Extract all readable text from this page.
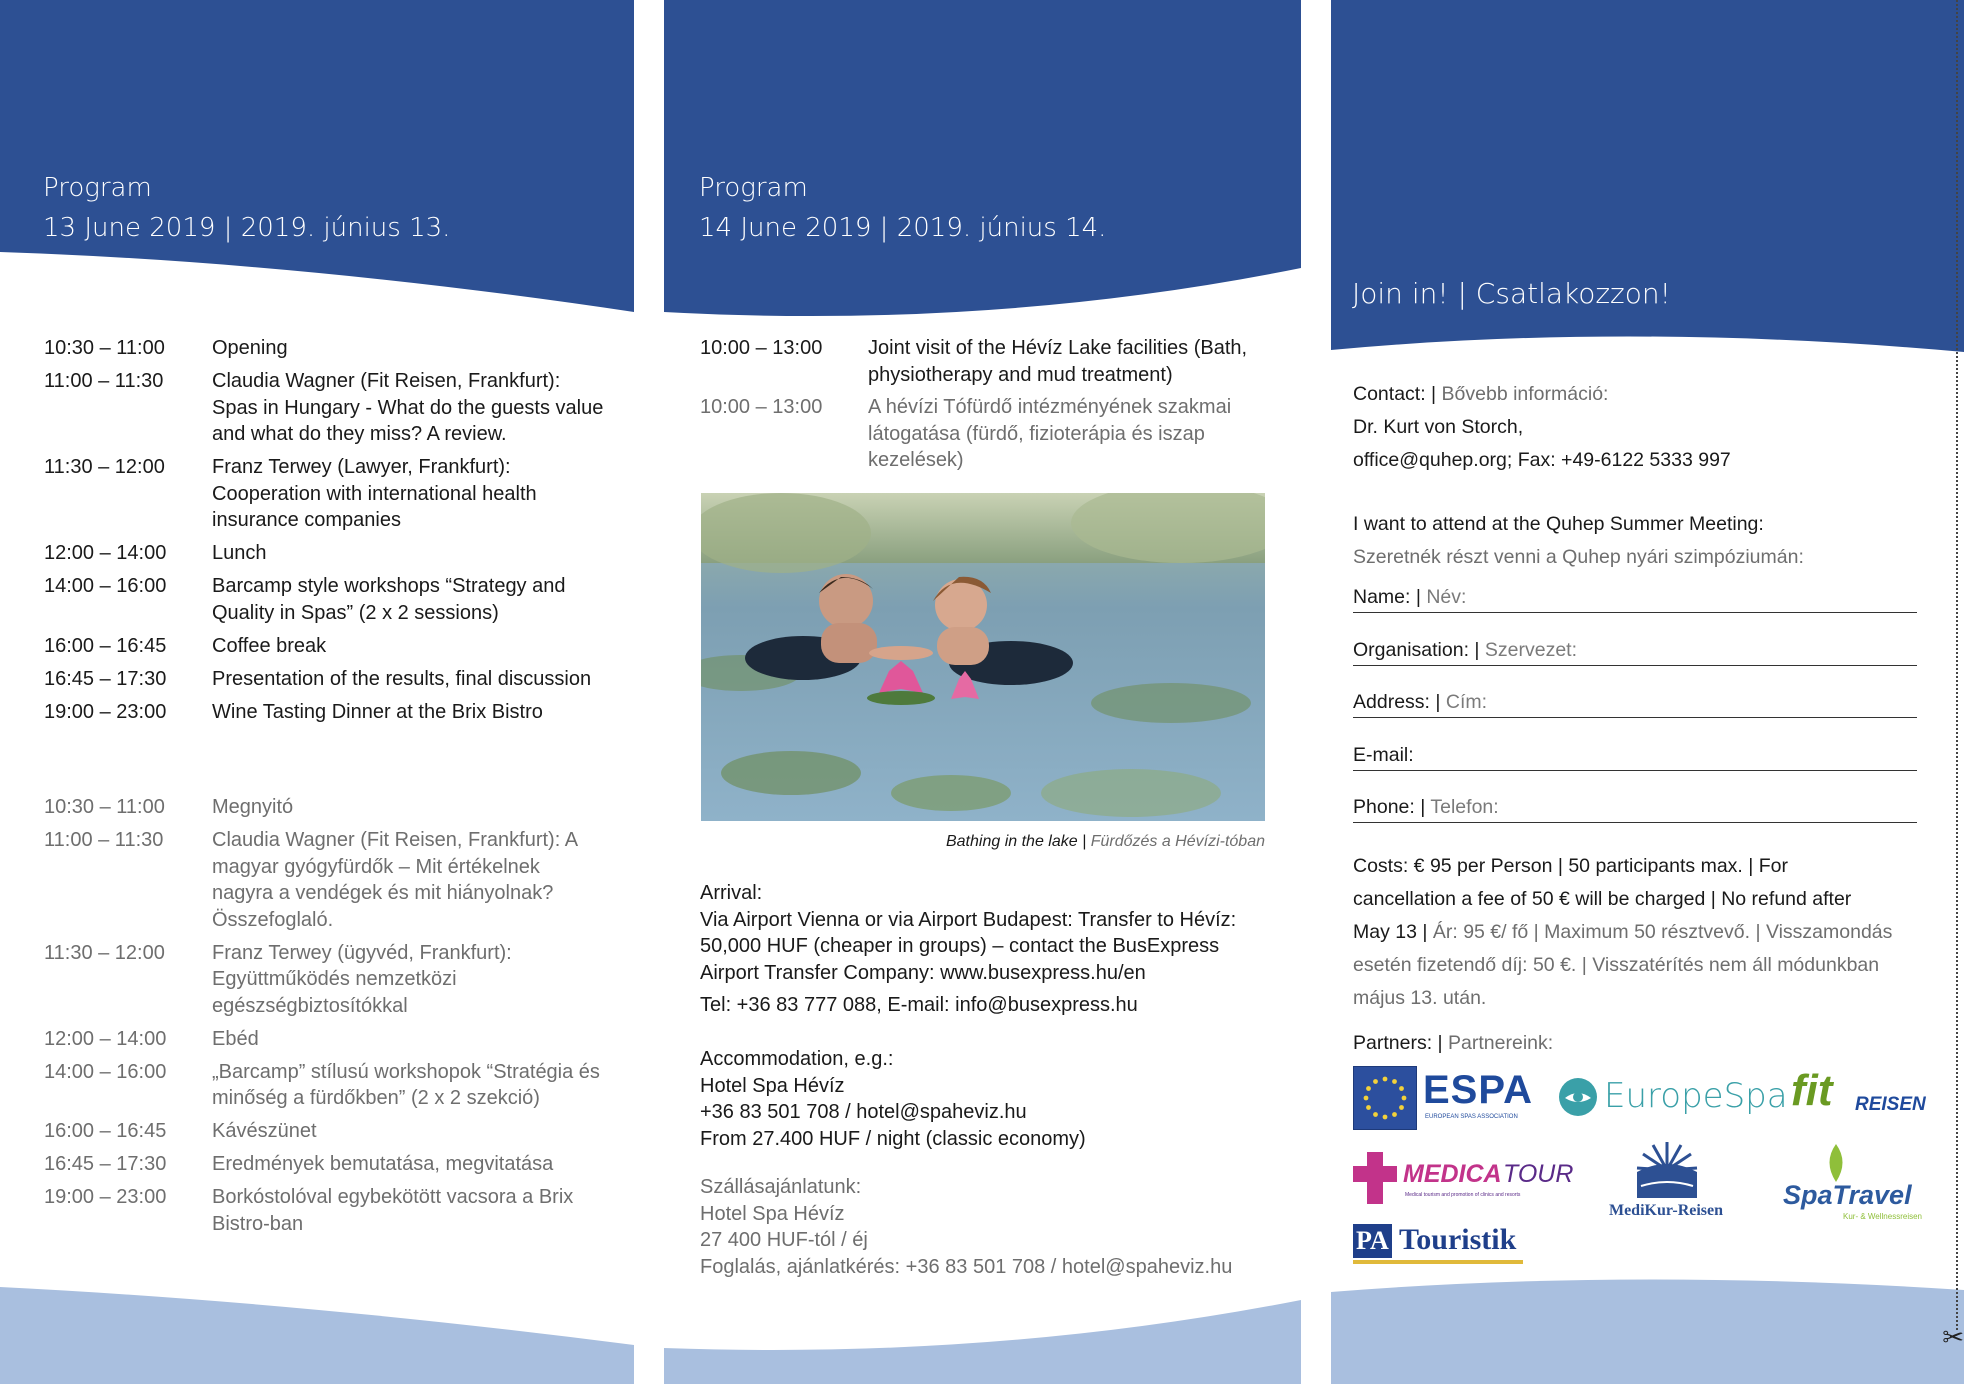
Program
13 June 2019 | 2019. június 13.
10:30 – 11:00	Opening
11:00 – 11:30	Claudia Wagner (Fit Reisen, Frankfurt): Spas in Hungary - What do the guests value and what do they miss? A review.
11:30 – 12:00	Franz Terwey (Lawyer, Frankfurt): Cooperation with international health insurance companies
12:00 – 14:00	Lunch
14:00 – 16:00	Barcamp style workshops “Strategy and Quality in Spas” (2 x 2 sessions)
16:00 – 16:45	Coffee break
16:45 – 17:30	Presentation of the results, final discussion
19:00 – 23:00	Wine Tasting Dinner at the Brix Bistro
10:30 – 11:00	Megnyitó
11:00 – 11:30	Claudia Wagner (Fit Reisen, Frankfurt): A magyar gyógyfürdők – Mit értékelnek nagyra a vendégek és mit hiányolnak? Összefoglaló.
11:30 – 12:00	Franz Terwey (ügyvéd, Frankfurt): Együttműködés nemzetközi egészségbiztosítókkal
12:00 – 14:00	Ebéd
14:00 – 16:00	„Barcamp” stílusú workshopok “Stratégia és minőség a fürdőkben” (2 x 2 szekció)
16:00 – 16:45	Kávészünet
16:45 – 17:30	Eredmények bemutatása, megvitatása
19:00 – 23:00	Borkóstolóval egybekötött vacsora a Brix Bistro-ban
Program
14 June 2019 | 2019. június 14.
10:00 – 13:00	Joint visit of the Hévíz Lake facilities (Bath, physiotherapy and mud treatment)
10:00 – 13:00	A hévízi Tófürdő intézményének szakmai látogatása (fürdő, fizioterápia és iszap kezelések)
Bathing in the lake | Fürdőzés a Hévízi-tóban
Arrival:
Via Airport Vienna or via Airport Budapest: Transfer to Hévíz: 50,000 HUF (cheaper in groups) – contact the BusExpress Airport Transfer Company: www.busexpress.hu/en
Tel: +36 83 777 088, E-mail: info@busexpress.hu
Accommodation, e.g.:
Hotel Spa Hévíz
+36 83 501 708 / hotel@spaheviz.hu
From 27.400 HUF / night (classic economy)
Szállásajánlatunk:
Hotel Spa Hévíz
27 400 HUF-tól / éj
Foglalás, ajánlatkérés: +36 83 501 708 / hotel@spaheviz.hu
✂
Join in! | Csatlakozzon!
Contact: | Bővebb információ:
Dr. Kurt von Storch,
office@quhep.org; Fax: +49-6122 5333 997
I want to attend at the Quhep Summer Meeting:
Szeretnék részt venni a Quhep nyári szimpóziumán:
Name: | Név:
Organisation: | Szervezet:
Address: | Cím:
E-mail:
Phone: | Telefon:
Costs: € 95 per Person | 50 participants max. | For cancellation a fee of 50 € will be charged | No refund after May 13 | Ár: 95 €/ fő | Maximum 50 résztvevő. | Visszamondás esetén fizetendő díj: 50 €. | Visszatérítés nem áll módunkban május 13. után.
Partners: | Partnereink:
ESPA
EUROPEAN SPAS ASSOCIATION
EuropeSpa fit REISEN
MEDICA TOUR
Medical tourism and promotion of clinics and resorts
MediKur-Reisen
SpaTravel
Kur- & Wellnessreisen
PA Touristik
